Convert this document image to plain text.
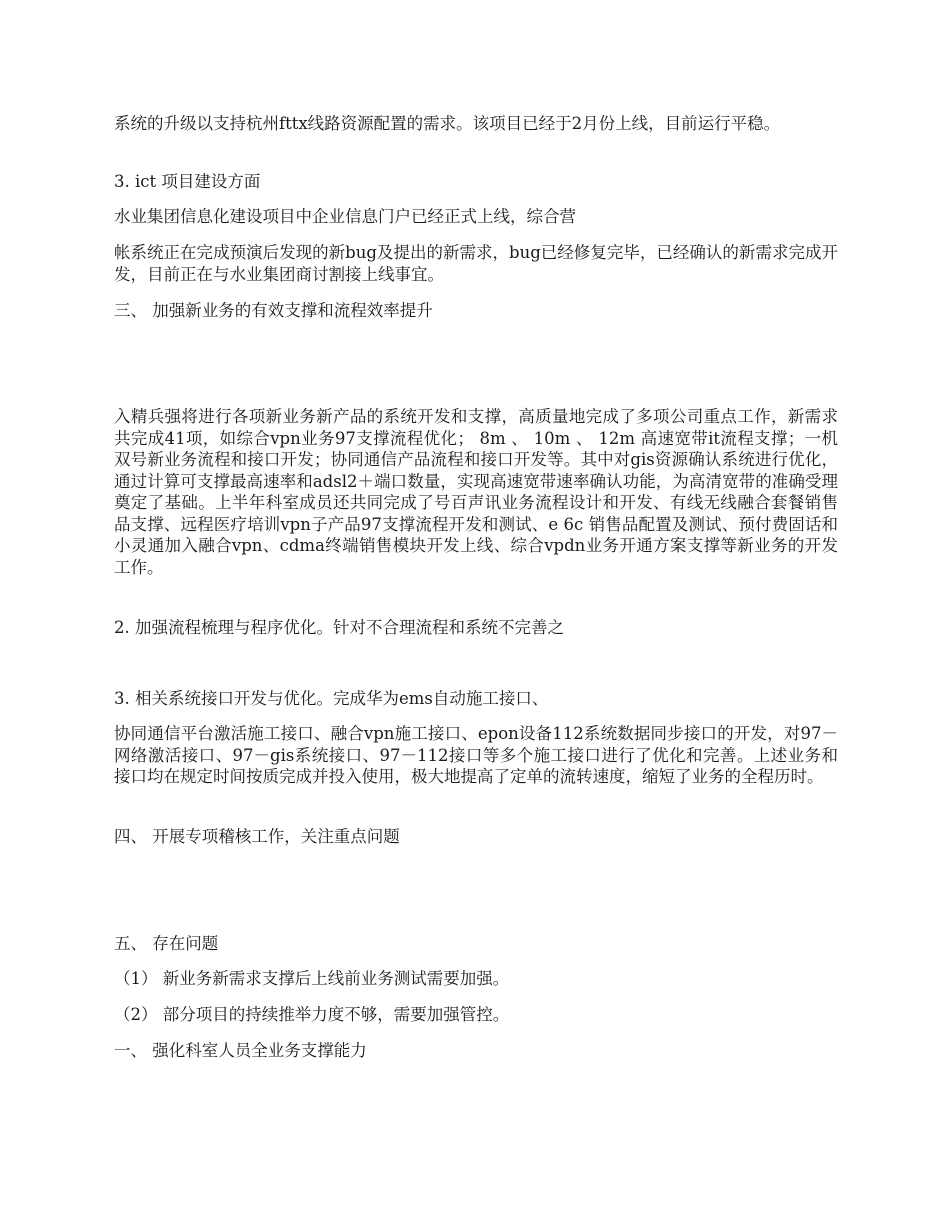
系统的升级以支持杭州fttx线路资源配置的需求。该项目已经于2月份上线，目前运行平稳。

3. ict 项目建设方面

水业集团信息化建设项目中企业信息门户已经正式上线，综合营

帐系统正在完成预演后发现的新bug及提出的新需求，bug已经修复完毕，已经确认的新需求完成开发，目前正在与水业集团商讨割接上线事宜。

三、 加强新业务的有效支撑和流程效率提升

入精兵强将进行各项新业务新产品的系统开发和支撑，高质量地完成了多项公司重点工作，新需求共完成41项，如综合vpn业务97支撑流程优化； 8m 、 10m 、 12m 高速宽带it流程支撑；一机双号新业务流程和接口开发；协同通信产品流程和接口开发等。其中对gis资源确认系统进行优化，通过计算可支撑最高速率和adsl2＋端口数量，实现高速宽带速率确认功能，为高清宽带的准确受理奠定了基础。上半年科室成员还共同完成了号百声讯业务流程设计和开发、有线无线融合套餐销售品支撑、远程医疗培训vpn子产品97支撑流程开发和测试、e 6c 销售品配置及测试、预付费固话和小灵通加入融合vpn、cdma终端销售模块开发上线、综合vpdn业务开通方案支撑等新业务的开发工作。

2. 加强流程梳理与程序优化。针对不合理流程和系统不完善之

3. 相关系统接口开发与优化。完成华为ems自动施工接口、

协同通信平台激活施工接口、融合vpn施工接口、epon设备112系统数据同步接口的开发，对97－网络激活接口、97－gis系统接口、97－112接口等多个施工接口进行了优化和完善。上述业务和接口均在规定时间按质完成并投入使用，极大地提高了定单的流转速度，缩短了业务的全程历时。

四、 开展专项稽核工作，关注重点问题

五、 存在问题

（1） 新业务新需求支撑后上线前业务测试需要加强。

（2） 部分项目的持续推举力度不够，需要加强管控。

一、 强化科室人员全业务支撑能力
